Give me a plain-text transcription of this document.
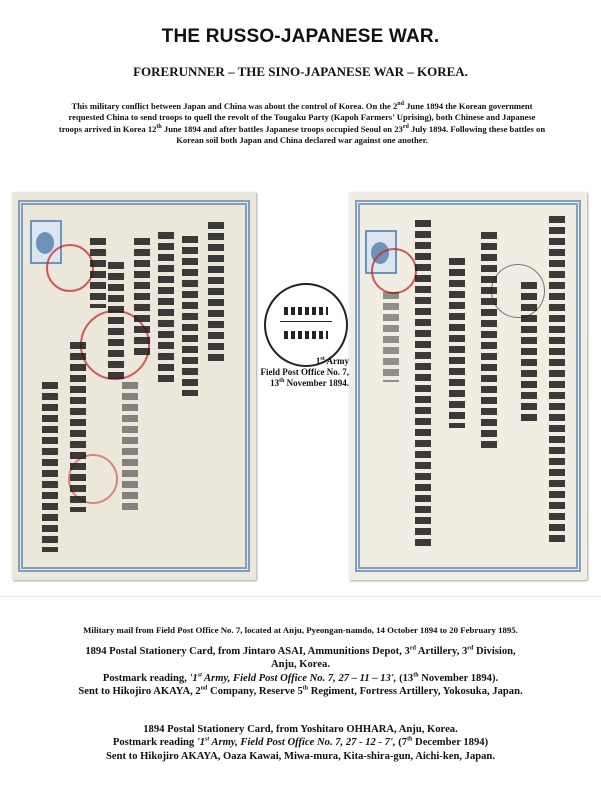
THE RUSSO-JAPANESE WAR.
FORERUNNER – THE SINO-JAPANESE WAR – KOREA.
This military conflict between Japan and China was about the control of Korea. On the 2nd June 1894 the Korean government requested China to send troops to quell the revolt of the Tougaku Party (Kapoh Farmers' Uprising), both Chinese and Japanese troops arrived in Korea 12th June 1894 and after battles Japanese troops occupied Seoul on 23rd July 1894. Following these battles on Korean soil both Japan and China declared war against one another.
1st Army
Field Post Office No. 7,
13th November 1894.
Military mail from Field Post Office No. 7, located at Anju, Pyeongan-namdo, 14 October 1894 to 20 February 1895.
1894 Postal Stationery Card, from Jintaro ASAI, Ammunitions Depot, 3rd Artillery, 3rd Division,
Anju, Korea.
Postmark reading, '1st Army, Field Post Office No. 7, 27 – 11 – 13', (13th November 1894).
Sent to Hikojiro AKAYA, 2nd Company, Reserve 5th Regiment, Fortress Artillery, Yokosuka, Japan.
1894 Postal Stationery Card, from Yoshitaro OHHARA, Anju, Korea.
Postmark reading '1st Army, Field Post Office No. 7, 27 - 12 - 7', (7th December 1894)
Sent to Hikojiro AKAYA, Oaza Kawai, Miwa-mura, Kita-shira-gun, Aichi-ken, Japan.
